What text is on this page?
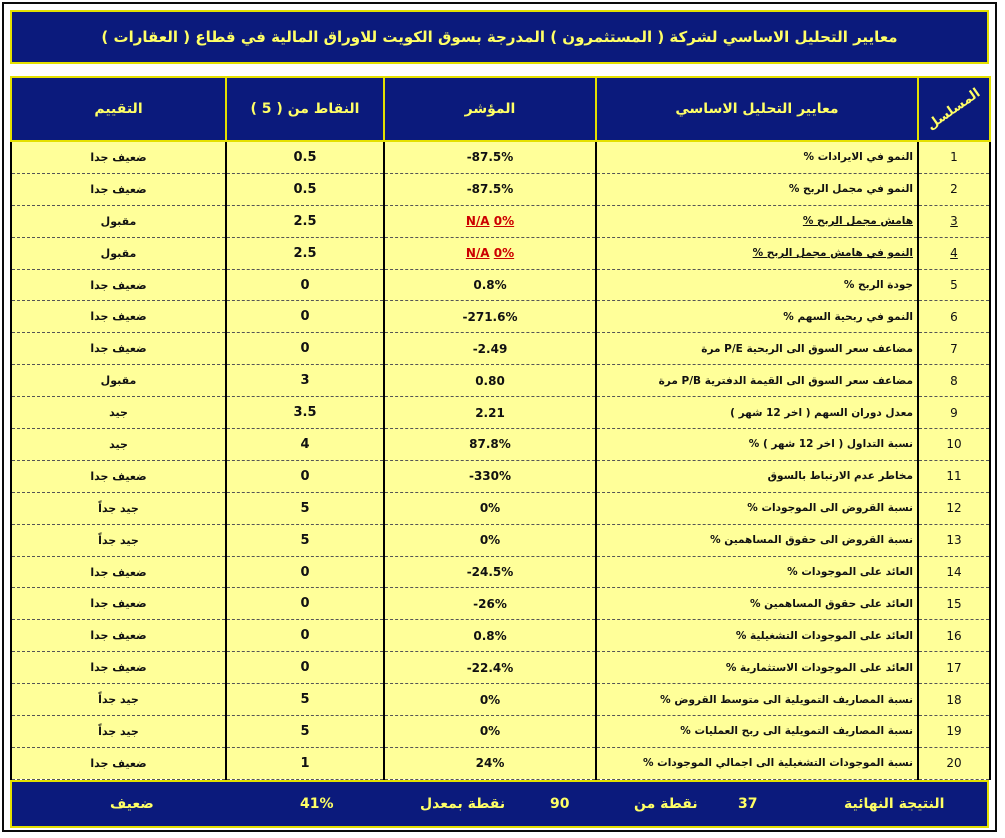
معايير التحليل الاساسي لشركة ( المستثمرون ) المدرجة بسوق الكويت للاوراق المالية في قطاع ( العقارات )
التقييم	النقاط من ( 5 )	المؤشر	معايير التحليل الاساسي	المسلسل
ضعيف جدا	0.5	-87.5%	النمو في الايرادات %	1
ضعيف جدا	0.5	-87.5%	النمو في مجمل الربح %	2
مقبول	2.5	N/A 0%	هامش مجمل الربح %	3
مقبول	2.5	N/A 0%	النمو في هامش مجمل الربح %	4
ضعيف جدا	0	0.8%	جودة الربح %	5
ضعيف جدا	0	-271.6%	النمو في ربحية السهم %	6
ضعيف جدا	0	-2.49	مضاعف سعر السوق الى الربحية P/E مرة	7
مقبول	3	0.80	مضاعف سعر السوق الى القيمة الدفترية P/B مرة	8
جيد	3.5	2.21	معدل دوران السهم ( اخر 12 شهر )	9
جيد	4	87.8%	نسبة التداول ( اخر 12 شهر ) %	10
ضعيف جدا	0	-330%	مخاطر عدم الارتباط بالسوق	11
جيد جداً	5	0%	نسبة القروض الى الموجودات %	12
جيد جداً	5	0%	نسبة القروض الى حقوق المساهمين %	13
ضعيف جدا	0	-24.5%	العائد على الموجودات %	14
ضعيف جدا	0	-26%	العائد على حقوق المساهمين %	15
ضعيف جدا	0	0.8%	العائد على الموجودات التشغيلية %	16
ضعيف جدا	0	-22.4%	العائد على الموجودات الاستثمارية %	17
جيد جداً	5	0%	نسبة المصاريف التمويلية الى متوسط القروض %	18
جيد جداً	5	0%	نسبة المصاريف التمويلية الى ربح العمليات %	19
ضعيف جدا	1	24%	نسبة الموجودات التشغيلية الى اجمالي الموجودات %	20
ضعيف	41%	نقطة بمعدل	90	نقطة من	37	النتيجة النهائية
